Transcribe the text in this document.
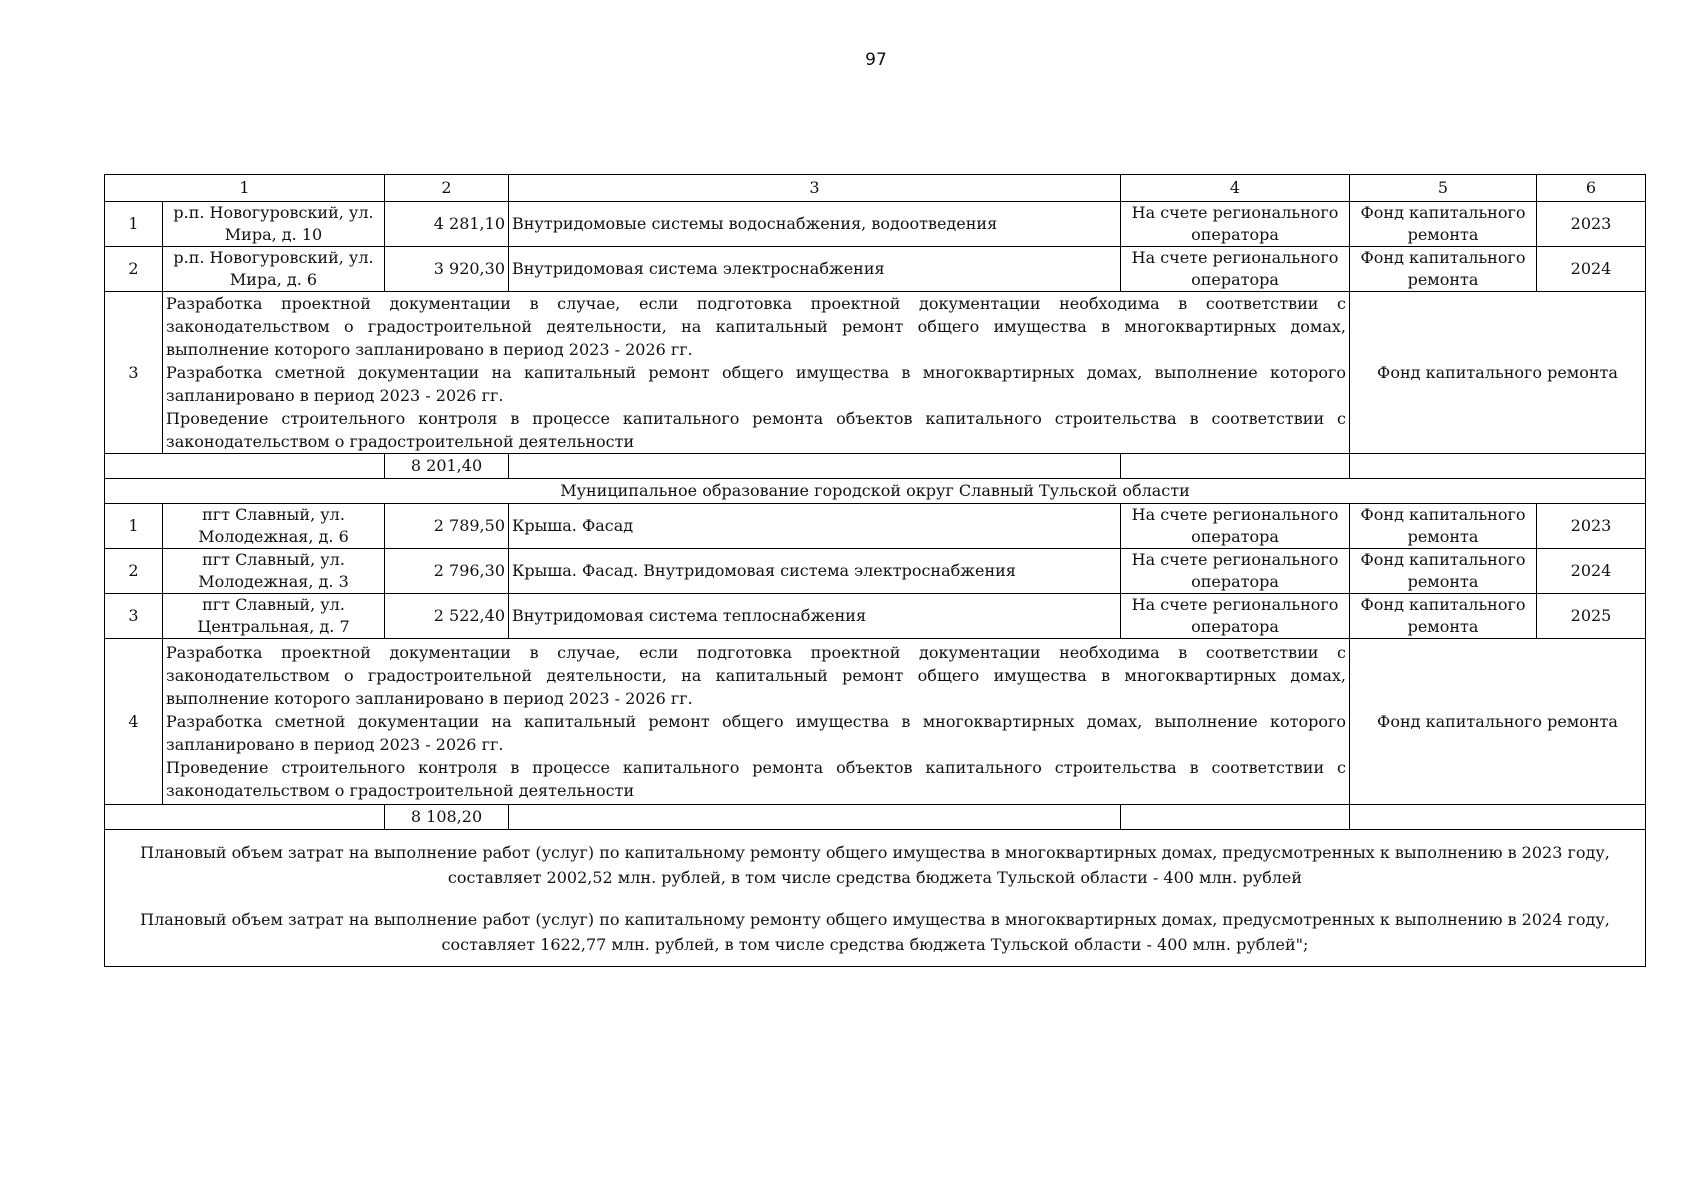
97
1		2	3	4	5	6
1	р.п. Новогуровский, ул. Мира, д. 10	4 281,10	Внутридомовые системы водоснабжения, водоотведения	На счете регионального оператора	Фонд капитального ремонта	2023
2	р.п. Новогуровский, ул. Мира, д. 6	3 920,30	Внутридомовая система электроснабжения	На счете регионального оператора	Фонд капитального ремонта	2024
3	Разработка проектной документации в случае, если подготовка проектной документации необходима в соответствии с законодательством о градостроительной деятельности, на капитальный ремонт общего имущества в многоквартирных домах, выполнение которого запланировано в период 2023 - 2026 гг.

Разработка сметной документации на капитальный ремонт общего имущества в многоквартирных домах, выполнение которого запланировано в период 2023 - 2026 гг.

Проведение строительного контроля в процессе капитального ремонта объектов капитального строительства в соответствии с законодательством о градостроительной деятельности				Фонд капитального ремонта	
		8 201,40				
Муниципальное образование городской округ Славный Тульской области						
1	пгт Славный, ул. Молодежная, д. 6	2 789,50	Крыша. Фасад	На счете регионального оператора	Фонд капитального ремонта	2023
2	пгт Славный, ул. Молодежная, д. 3	2 796,30	Крыша. Фасад. Внутридомовая система электроснабжения	На счете регионального оператора	Фонд капитального ремонта	2024
3	пгт Славный, ул. Центральная, д. 7	2 522,40	Внутридомовая система теплоснабжения	На счете регионального оператора	Фонд капитального ремонта	2025
4	Разработка проектной документации в случае, если подготовка проектной документации необходима в соответствии с законодательством о градостроительной деятельности, на капитальный ремонт общего имущества в многоквартирных домах, выполнение которого запланировано в период 2023 - 2026 гг.

Разработка сметной документации на капитальный ремонт общего имущества в многоквартирных домах, выполнение которого запланировано в период 2023 - 2026 гг.

Проведение строительного контроля в процессе капитального ремонта объектов капитального строительства в соответствии с законодательством о градостроительной деятельности				Фонд капитального ремонта	
		8 108,20				

Плановый объем затрат на выполнение работ (услуг) по капитальному ремонту общего имущества в многоквартирных домах, предусмотренных к выполнению в 2023 году, составляет 2002,52 млн. рублей, в том числе средства бюджета Тульской области - 400 млн. рублей

Плановый объем затрат на выполнение работ (услуг) по капитальному ремонту общего имущества в многоквартирных домах, предусмотренных к выполнению в 2024 году, составляет 1622,77 млн. рублей, в том числе средства бюджета Тульской области - 400 млн. рублей";						
